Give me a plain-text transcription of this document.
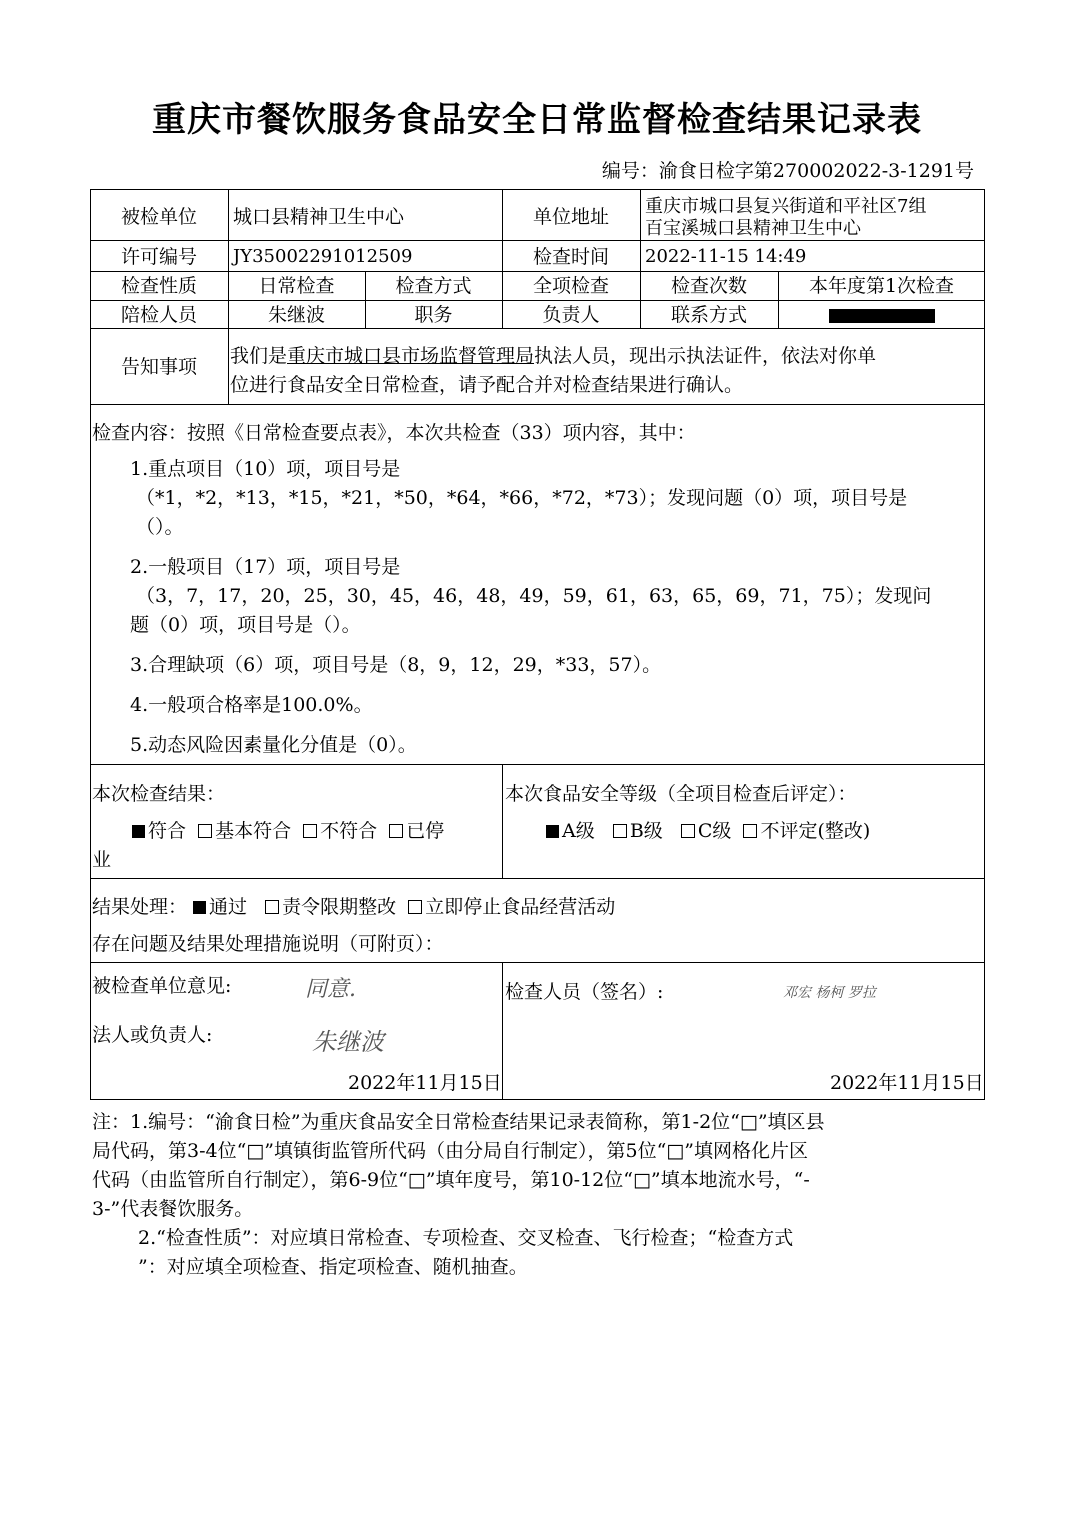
重庆市餐饮服务食品安全日常监督检查结果记录表
编号：渝食日检字第270002022-3-1291号
被检单位	城口县精神卫生中心	单位地址	重庆市城口县复兴街道和平社区7组
百宝溪城口县精神卫生中心
许可编号	JY35002291012509	检查时间	2022-11-15 14:49
检查性质	日常检查	检查方式	全项检查	检查次数	本年度第1次检查
陪检人员	朱继波	职务	负责人	联系方式
告知事项	我们是重庆市城口县市场监督管理局执法人员，现出示执法证件，依法对你单
位进行食品安全日常检查，请予配合并对检查结果进行确认。
检查内容：按照《日常检查要点表》，本次共检查（33）项内容，其中：
1.重点项目（10）项，项目号是
（*1，*2，*13，*15，*21，*50，*64，*66，*72，*73）；发现问题（0）项，项目号是
（）。
2.一般项目（17）项，项目号是
（3，7，17，20，25，30，45，46，48，49，59，61，63，65，69，71，75）；发现问
题（0）项，项目号是（）。
3.合理缺项（6）项，项目号是（8，9，12，29，*33，57）。
4.一般项合格率是100.0%。
5.动态风险因素量化分值是（0）。
本次检查结果：
符合 基本符合 不符合 已停
业
本次食品安全等级（全项目检查后评定）：
A级 B级 C级 不评定(整改)
结果处理： 通过 责令限期整改 立即停止食品经营活动
存在问题及结果处理措施说明（可附页）：
被检查单位意见:	同意.
法人或负责人:	朱继波
2022年11月15日
检查人员（签名）:	邓宏 杨柯 罗拉
2022年11月15日
注：1.编号：“渝食日检”为重庆食品安全日常检查结果记录表简称，第1-2位“□”填区县
局代码，第3-4位“□”填镇街监管所代码（由分局自行制定），第5位“□”填网格化片区
代码（由监管所自行制定），第6-9位“□”填年度号，第10-12位“□”填本地流水号，“-
3-”代表餐饮服务。
2.“检查性质”：对应填日常检查、专项检查、交叉检查、飞行检查；“检查方式
”：对应填全项检查、指定项检查、随机抽查。
